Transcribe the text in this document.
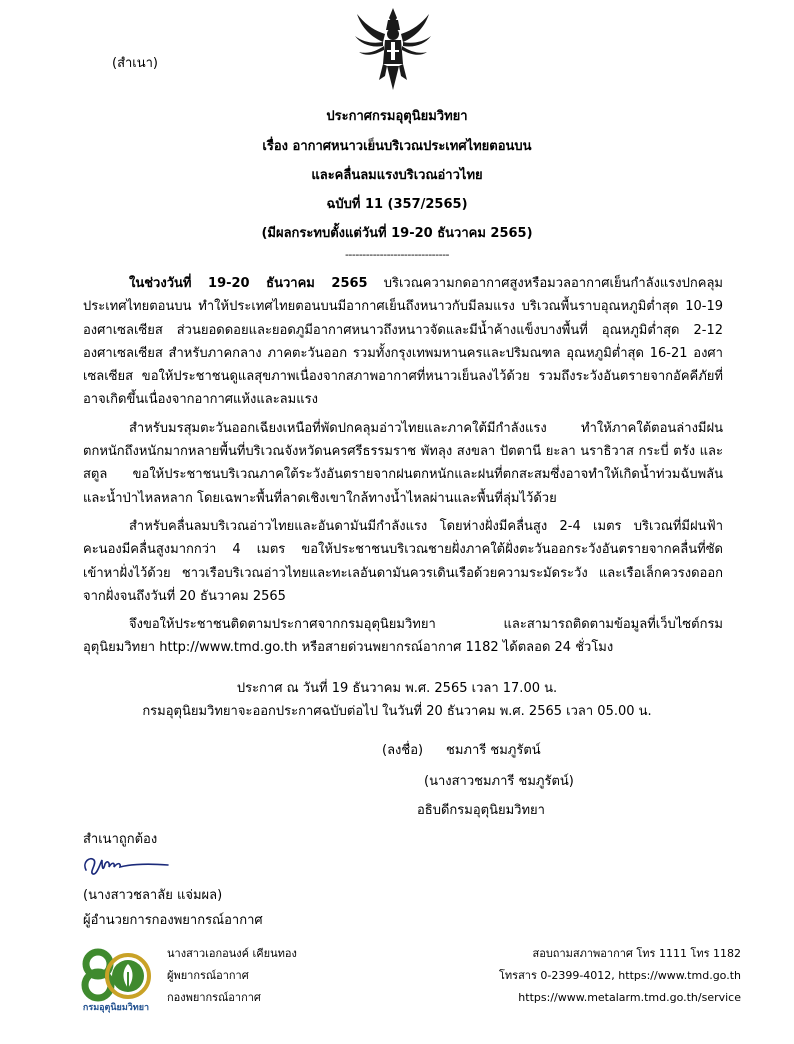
(สำเนา)
ประกาศกรมอุตุนิยมวิทยา
เรื่อง อากาศหนาวเย็นบริเวณประเทศไทยตอนบน
และคลื่นลมแรงบริเวณอ่าวไทย
ฉบับที่ 11 (357/2565)
(มีผลกระทบตั้งแต่วันที่ 19-20 ธันวาคม 2565)
------------------------------

ในช่วงวันที่ 19-20 ธันวาคม 2565 บริเวณความกดอากาศสูงหรือมวลอากาศเย็นกำลังแรงปกคลุมประเทศไทยตอนบน ทำให้ประเทศไทยตอนบนมีอากาศเย็นถึงหนาวกับมีลมแรง บริเวณพื้นราบอุณหภูมิต่ำสุด 10-19 องศาเซลเซียส ส่วนยอดดอยและยอดภูมีอากาศหนาวถึงหนาวจัดและมีน้ำค้างแข็งบางพื้นที่ อุณหภูมิต่ำสุด 2-12 องศาเซลเซียส สำหรับภาคกลาง ภาคตะวันออก รวมทั้งกรุงเทพมหานครและปริมณฑล อุณหภูมิต่ำสุด 16-21 องศาเซลเซียส ขอให้ประชาชนดูแลสุขภาพเนื่องจากสภาพอากาศที่หนาวเย็นลงไว้ด้วย รวมถึงระวังอันตรายจากอัคคีภัยที่อาจเกิดขึ้นเนื่องจากอากาศแห้งและลมแรง

สำหรับมรสุมตะวันออกเฉียงเหนือที่พัดปกคลุมอ่าวไทยและภาคใต้มีกำลังแรง ทำให้ภาคใต้ตอนล่างมีฝนตกหนักถึงหนักมากหลายพื้นที่บริเวณจังหวัดนครศรีธรรมราช พัทลุง สงขลา ปัตตานี ยะลา นราธิวาส กระบี่ ตรัง และสตูล ขอให้ประชาชนบริเวณภาคใต้ระวังอันตรายจากฝนตกหนักและฝนที่ตกสะสมซึ่งอาจทำให้เกิดน้ำท่วมฉับพลันและน้ำป่าไหลหลาก โดยเฉพาะพื้นที่ลาดเชิงเขาใกล้ทางน้ำไหลผ่านและพื้นที่ลุ่มไว้ด้วย

สำหรับคลื่นลมบริเวณอ่าวไทยและอันดามันมีกำลังแรง โดยห่างฝั่งมีคลื่นสูง 2-4 เมตร บริเวณที่มีฝนฟ้าคะนองมีคลื่นสูงมากกว่า 4 เมตร ขอให้ประชาชนบริเวณชายฝั่งภาคใต้ฝั่งตะวันออกระวังอันตรายจากคลื่นที่ซัดเข้าหาฝั่งไว้ด้วย ชาวเรือบริเวณอ่าวไทยและทะเลอันดามันควรเดินเรือด้วยความระมัดระวัง และเรือเล็กควรงดออกจากฝั่งจนถึงวันที่ 20 ธันวาคม 2565

จึงขอให้ประชาชนติดตามประกาศจากกรมอุตุนิยมวิทยา และสามารถติดตามข้อมูลที่เว็บไซต์กรมอุตุนิยมวิทยา http://www.tmd.go.th หรือสายด่วนพยากรณ์อากาศ 1182 ได้ตลอด 24 ชั่วโมง

ประกาศ ณ วันที่ 19 ธันวาคม พ.ศ. 2565 เวลา 17.00 น.
กรมอุตุนิยมวิทยาจะออกประกาศฉบับต่อไป ในวันที่ 20 ธันวาคม พ.ศ. 2565 เวลา 05.00 น.
(ลงชื่อ) ชมภารี ชมภูรัตน์
(นางสาวชมภารี ชมภูรัตน์)
อธิบดีกรมอุตุนิยมวิทยา
สำเนาถูกต้อง
(นางสาวชลาลัย แจ่มผล)
ผู้อำนวยการกองพยากรณ์อากาศ
กรมอุตุนิยมวิทยา
นางสาวเอกอนงค์ เคียนทอง
ผู้พยากรณ์อากาศ
กองพยากรณ์อากาศ
สอบถามสภาพอากาศ โทร 1111 โทร 1182
โทรสาร 0-2399-4012, https://www.tmd.go.th
https://www.metalarm.tmd.go.th/service
